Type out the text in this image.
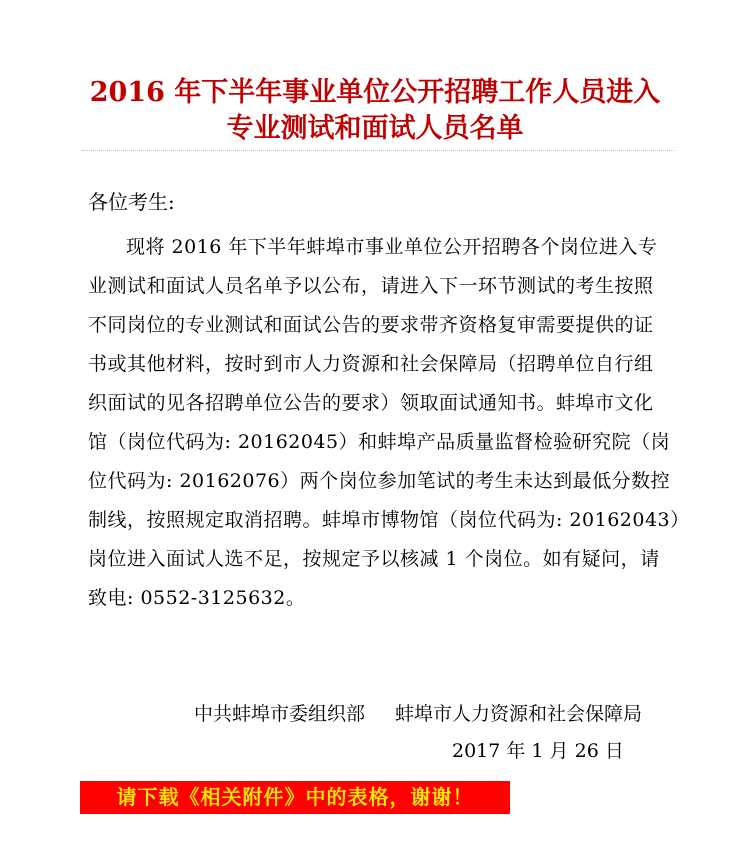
2016 年下半年事业单位公开招聘工作人员进入
专业测试和面试人员名单
各位考生:
现将 2016 年下半年蚌埠市事业单位公开招聘各个岗位进入专
业测试和面试人员名单予以公布，请进入下一环节测试的考生按照
不同岗位的专业测试和面试公告的要求带齐资格复审需要提供的证
书或其他材料，按时到市人力资源和社会保障局（招聘单位自行组
织面试的见各招聘单位公告的要求）领取面试通知书。蚌埠市文化
馆（岗位代码为: 20162045）和蚌埠产品质量监督检验研究院（岗
位代码为: 20162076）两个岗位参加笔试的考生未达到最低分数控
制线，按照规定取消招聘。蚌埠市博物馆（岗位代码为: 20162043）
岗位进入面试人选不足，按规定予以核减 1 个岗位。如有疑问，请
致电: 0552-3125632。
中共蚌埠市委组织部 蚌埠市人力资源和社会保障局
2017 年 1 月 26 日
请下载《相关附件》中的表格，谢谢！
